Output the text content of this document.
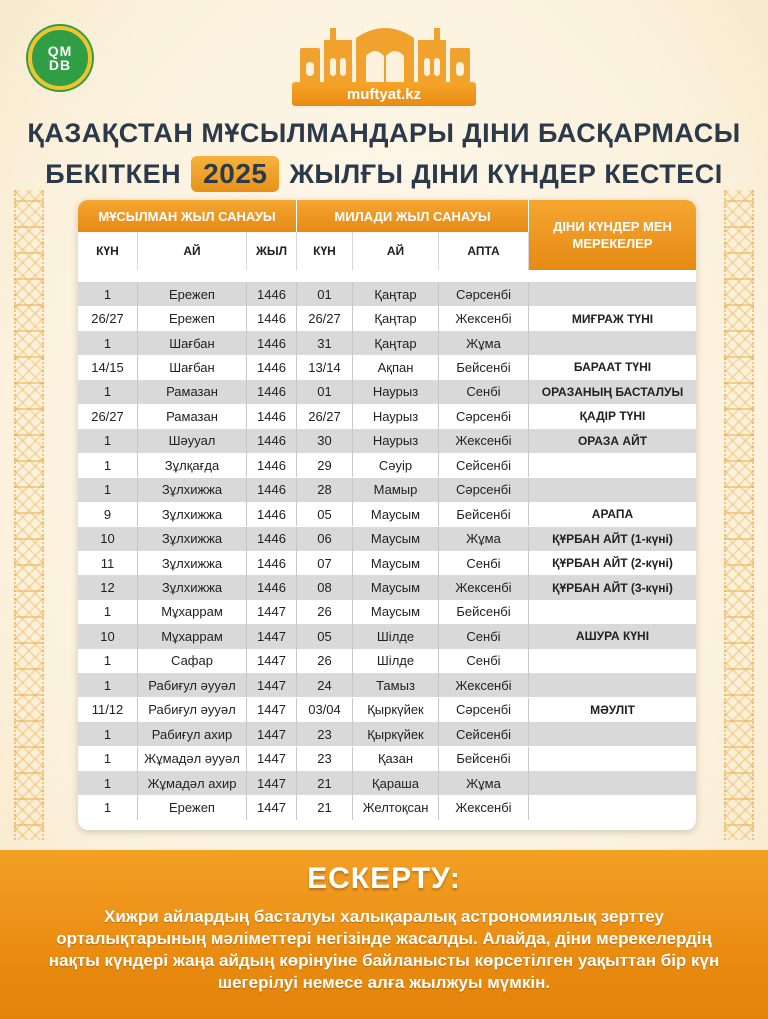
QM
DB
muftyat.kz
ҚАЗАҚСТАН МҰСЫЛМАНДАРЫ ДІНИ БАСҚАРМАСЫ
БЕКІТКЕН 2025 ЖЫЛҒЫ ДІНИ КҮНДЕР КЕСТЕСІ
МҰСЫЛМАН ЖЫЛ САНАУЫ	МИЛАДИ ЖЫЛ САНАУЫ
ДІНИ КҮНДЕР МЕН МЕРЕКЕЛЕР
КҮН	АЙ	ЖЫЛ	КҮН	АЙ	АПТА
1	Ережеп	1446	01	Қаңтар	Сәрсенбі
26/27	Ережеп	1446	26/27	Қаңтар	Жексенбі	МИҒРАЖ ТҮНІ
1	Шағбан	1446	31	Қаңтар	Жұма
14/15	Шағбан	1446	13/14	Ақпан	Бейсенбі	БАРААТ ТҮНІ
1	Рамазан	1446	01	Наурыз	Сенбі	ОРАЗАНЫҢ БАСТАЛУЫ
26/27	Рамазан	1446	26/27	Наурыз	Сәрсенбі	ҚАДІР ТҮНІ
1	Шәууал	1446	30	Наурыз	Жексенбі	ОРАЗА АЙТ
1	Зұлқағда	1446	29	Сәуір	Сейсенбі
1	Зұлхижжа	1446	28	Мамыр	Сәрсенбі
9	Зұлхижжа	1446	05	Маусым	Бейсенбі	АРАПА
10	Зұлхижжа	1446	06	Маусым	Жұма	ҚҰРБАН АЙТ (1-күні)
11	Зұлхижжа	1446	07	Маусым	Сенбі	ҚҰРБАН АЙТ (2-күні)
12	Зұлхижжа	1446	08	Маусым	Жексенбі	ҚҰРБАН АЙТ (3-күні)
1	Мұхаррам	1447	26	Маусым	Бейсенбі
10	Мұхаррам	1447	05	Шілде	Сенбі	АШУРА КҮНІ
1	Сафар	1447	26	Шілде	Сенбі
1	Рабиғул әууәл	1447	24	Тамыз	Жексенбі
11/12	Рабиғул әууәл	1447	03/04	Қыркүйек	Сәрсенбі	МӘУЛІТ
1	Рабиғул ахир	1447	23	Қыркүйек	Сейсенбі
1	Жұмадәл әууәл	1447	23	Қазан	Бейсенбі
1	Жұмадәл ахир	1447	21	Қараша	Жұма
1	Ережеп	1447	21	Желтоқсан	Жексенбі
ЕСКЕРТУ:
Хижри айлардың басталуы халықаралық астрономиялық зерттеу орталықтарының мәліметтері негізінде жасалды. Алайда, діни мерекелердің нақты күндері жаңа айдың көрінуіне байланысты көрсетілген уақыттан бір күн шегерілуі немесе алға жылжуы мүмкін.
